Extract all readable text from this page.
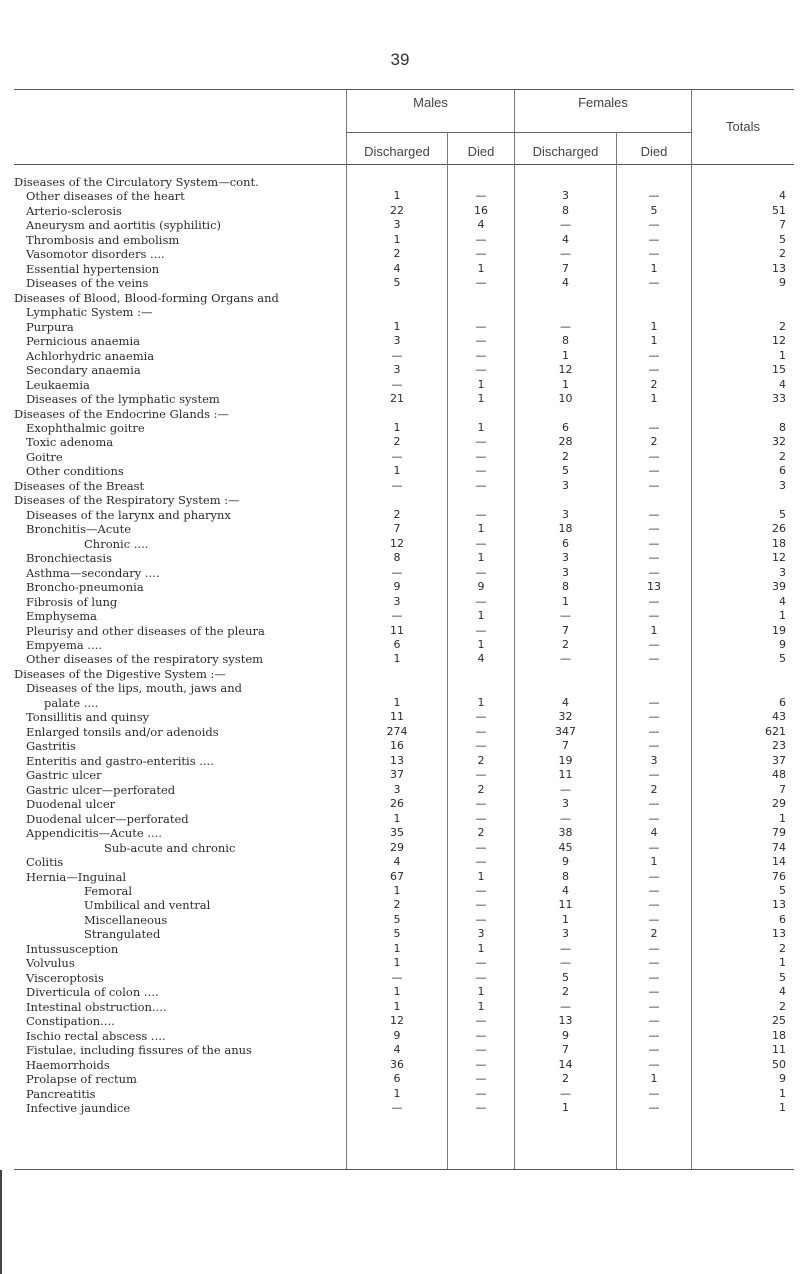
39
Males	Females
Totals
Discharged	Died	Discharged	Died
Diseases of the Circulatory System—cont.
Other diseases of the heart	1	—	3	—	4
Arterio-sclerosis	22	16	8	5	51
Aneurysm and aortitis (syphilitic)	3	4	—	—	7
Thrombosis and embolism	1	—	4	—	5
Vasomotor disorders ....	2	—	—	—	2
Essential hypertension	4	1	7	1	13
Diseases of the veins	5	—	4	—	9
Diseases of Blood, Blood-forming Organs and
Lymphatic System :—
Purpura	1	—	—	1	2
Pernicious anaemia	3	—	8	1	12
Achlorhydric anaemia	—	—	1	—	1
Secondary anaemia	3	—	12	—	15
Leukaemia	—	1	1	2	4
Diseases of the lymphatic system	21	1	10	1	33
Diseases of the Endocrine Glands :—
Exophthalmic goitre	1	1	6	—	8
Toxic adenoma	2	—	28	2	32
Goitre	—	—	2	—	2
Other conditions	1	—	5	—	6
Diseases of the Breast	—	—	3	—	3
Diseases of the Respiratory System :—
Diseases of the larynx and pharynx	2	—	3	—	5
Bronchitis—Acute	7	1	18	—	26
Chronic ....	12	—	6	—	18
Bronchiectasis	8	1	3	—	12
Asthma—secondary ....	—	—	3	—	3
Broncho-pneumonia	9	9	8	13	39
Fibrosis of lung	3	—	1	—	4
Emphysema	—	1	—	—	1
Pleurisy and other diseases of the pleura	11	—	7	1	19
Empyema ....	6	1	2	—	9
Other diseases of the respiratory system	1	4	—	—	5
Diseases of the Digestive System :—
Diseases of the lips, mouth, jaws and
palate ....	1	1	4	—	6
Tonsillitis and quinsy	11	—	32	—	43
Enlarged tonsils and/or adenoids	274	—	347	—	621
Gastritis	16	—	7	—	23
Enteritis and gastro-enteritis ....	13	2	19	3	37
Gastric ulcer	37	—	11	—	48
Gastric ulcer—perforated	3	2	—	2	7
Duodenal ulcer	26	—	3	—	29
Duodenal ulcer—perforated	1	—	—	—	1
Appendicitis—Acute ....	35	2	38	4	79
Sub-acute and chronic	29	—	45	—	74
Colitis	4	—	9	1	14
Hernia—Inguinal	67	1	8	—	76
Femoral	1	—	4	—	5
Umbilical and ventral	2	—	11	—	13
Miscellaneous	5	—	1	—	6
Strangulated	5	3	3	2	13
Intussusception	1	1	—	—	2
Volvulus	1	—	—	—	1
Visceroptosis	—	—	5	—	5
Diverticula of colon ....	1	1	2	—	4
Intestinal obstruction....	1	1	—	—	2
Constipation....	12	—	13	—	25
Ischio rectal abscess ....	9	—	9	—	18
Fistulae, including fissures of the anus	4	—	7	—	11
Haemorrhoids	36	—	14	—	50
Prolapse of rectum	6	—	2	1	9
Pancreatitis	1	—	—	—	1
Infective jaundice	—	—	1	—	1
